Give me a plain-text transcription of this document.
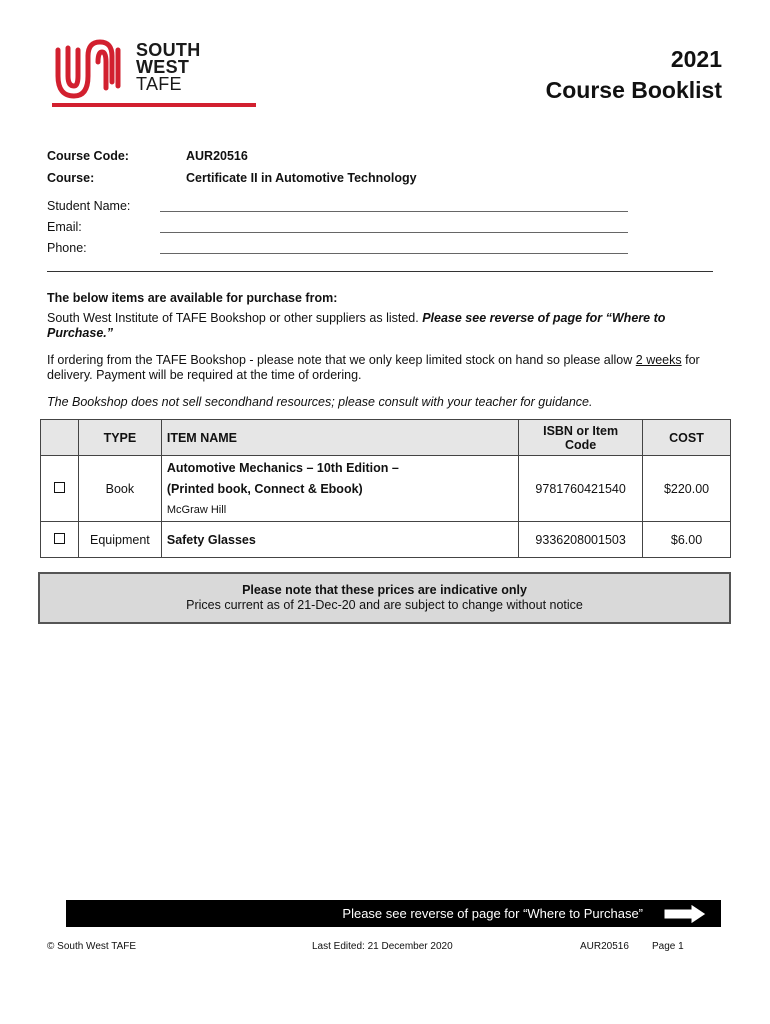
SOUTH
WEST
TAFE
2021
Course Booklist
Course Code:	AUR20516
Course:	Certificate II in Automotive Technology
Student Name:
Email:
Phone:
The below items are available for purchase from:
South West Institute of TAFE Bookshop or other suppliers as listed. Please see reverse of page for “Where to Purchase.”
If ordering from the TAFE Bookshop - please note that we only keep limited stock on hand so please allow 2 weeks for delivery. Payment will be required at the time of ordering.
The Bookshop does not sell secondhand resources; please consult with your teacher for guidance.
	TYPE	ITEM NAME	ISBN or Item Code	COST
	Book	Automotive Mechanics – 10th Edition –
(Printed book, Connect & Ebook)
McGraw Hill	9781760421540	$220.00
	Equipment	Safety Glasses	9336208001503	$6.00
Please note that these prices are indicative only
Prices current as of 21-Dec-20 and are subject to change without notice
Please see reverse of page for “Where to Purchase”
© South West TAFE	Last Edited: 21 December 2020	AUR20516 Page 1
